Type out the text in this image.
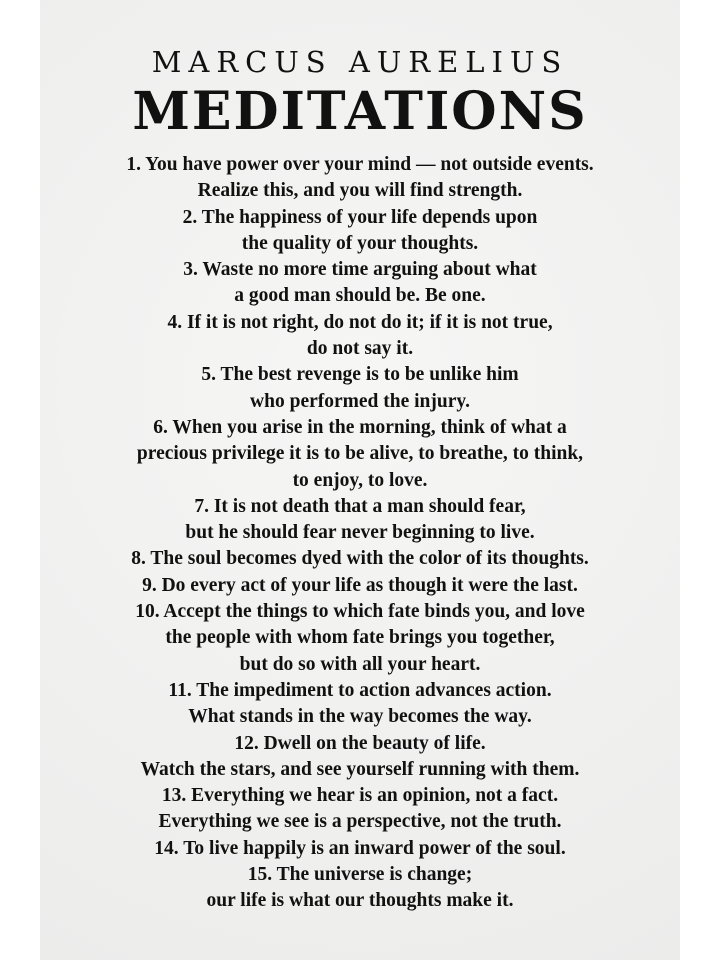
MARCUS AURELIUS
MEDITATIONS
1. You have power over your mind — not outside events.
Realize this, and you will find strength.
2. The happiness of your life depends upon
the quality of your thoughts.
3. Waste no more time arguing about what
a good man should be. Be one.
4. If it is not right, do not do it; if it is not true,
do not say it.
5. The best revenge is to be unlike him
who performed the injury.
6. When you arise in the morning, think of what a
precious privilege it is to be alive, to breathe, to think,
to enjoy, to love.
7. It is not death that a man should fear,
but he should fear never beginning to live.
8. The soul becomes dyed with the color of its thoughts.
9. Do every act of your life as though it were the last.
10. Accept the things to which fate binds you, and love
the people with whom fate brings you together,
but do so with all your heart.
11. The impediment to action advances action.
What stands in the way becomes the way.
12. Dwell on the beauty of life.
Watch the stars, and see yourself running with them.
13. Everything we hear is an opinion, not a fact.
Everything we see is a perspective, not the truth.
14. To live happily is an inward power of the soul.
15. The universe is change;
our life is what our thoughts make it.
